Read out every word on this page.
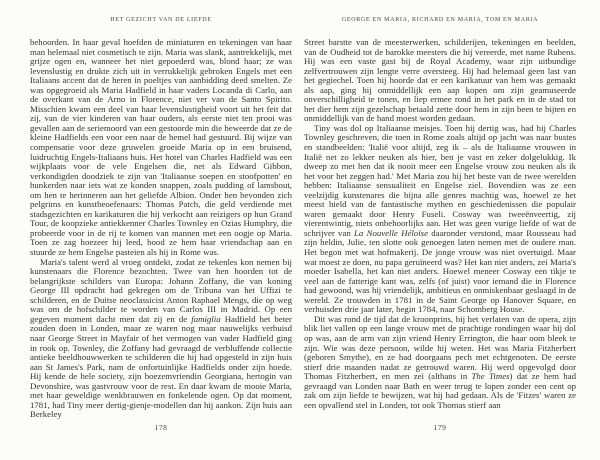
HET GEZICHT VAN DE LIEFDE

behoorden. In haar geval hoefden de miniaturen en tekeningen van haar man helemaal niet cosmetisch te zijn. Maria was slank, aantrekkelijk, met grijze ogen en, wanneer het niet gepoederd was, blond haar; ze was levenslustig en drukte zich uit in verrukkelijk gebroken Engels met een Italiaans accent dat de heren in poeltjes van aanbidding deed smelten. Ze was opgegroeid als Maria Hadfield in haar vaders Locanda di Carlo, aan de overkant van de Arno in Florence, niet ver van de Santo Spirito. Misschien kwam een deel van haar levenslustigheid voort uit het feit dat zij, van de vier kinderen van haar ouders, als eerste niet ten prooi was gevallen aan de seriemoord van een gestoorde min die beweerde dat ze de kleine Hadfields een voor een naar de hemel had gestuurd. Bij wijze van compensatie voor deze gruwelen groeide Maria op in een bruisend, luidruchtig Engels-Italiaans huis. Het hotel van Charles Hadfield was een wijkplaats voor de vele Engelsen die, net als Edward Gibbon, verkondigden doodziek te zijn van 'Italiaanse soepen en stoofpotten' en hunkerden naar iets wat ze konden snappen, zoals pudding of lamsbout, om hen te herinneren aan het geliefde Albion. Onder hen bevonden zich pelgrims en kunstbeoefenaars: Thomas Patch, die geld verdiende met stadsgezichten en karikaturen die hij verkocht aan reizigers op hun Grand Tour, de koopzieke antiekkenner Charles Townley en Ozias Humphry, die probeerde voor in de rij te komen van mannen met een oogje op Maria. Toen ze zag hoezeer hij leed, bood ze hem haar vriendschap aan en stuurde ze hem Engelse pasteien als hij in Rome was.

Maria's talent werd al vroeg ontdekt, zodat ze tekenles kon nemen bij kunstenaars die Florence bezochten. Twee van hen hoorden tot de belangrijkste schilders van Europa: Johann Zoffany, die van koning George III opdracht had gekregen om de Tribuna van het Uffizi te schilderen, en de Duitse neoclassicist Anton Raphael Mengs, die op weg was om de hofschilder te worden van Carlos III in Madrid. Op een gegeven moment dacht men dat zij en de famiglia Hadfield het beter zouden doen in Londen, maar ze waren nog maar nauwelijks verhuisd naar George Street in Mayfair of het vermogen van vader Hadfield ging in rook op. Townley, die Zoffany had gevraagd de verbluffende collectie antieke beeldhouwwerken te schilderen die hij had opgesteld in zijn huis aan St James's Park, nam de onfortuinlijke Hadfields onder zijn hoede. Hij kende de hele society, zijn boezemvriendin Georgiana, hertogin van Devonshire, was gastvrouw voor de rest. En daar kwam de mooie Maria, met haar geweldige wenkbrauwen en fonkelende ogen. Op dat moment, 1781, had Tiny meer dertig-gienje-modellen dan hij aankon. Zijn huis aan Berkeley

178
GEORGE EN MARIA, RICHARD EN MARIA, TOM EN MARIA

Street barstte van de meesterwerken, schilderijen, tekeningen en beelden, van de Oudheid tot de barokke meesters die hij vereerde, met name Rubens. Hij was een vaste gast bij de Royal Academy, waar zijn uitbundige zelfvertrouwen zijn lengte verre oversteeg. Hij had helemaal geen last van het gegiechel. Toen hij hoorde dat er een karikatuur van hem was gemaakt als aap, ging hij onmiddellijk een aap kopen om zijn geamuseerde onverschilligheid te tonen, en liep ermee rond in het park en in de stad tot het dier hem zijn gezelschap betaald zette door hem in zijn been te bijten en onmiddellijk van de hand moest worden gedaan.

Tiny was dol op Italiaanse meisjes. Toen hij dertig was, had hij Charles Townley geschreven, die toen in Rome zoals altijd op jacht was naar bustes en standbeelden: 'Italië voor altijd, zeg ik – als de Italiaanse vrouwen in Italië net zo lekker neuken als hier, ben je vast en zeker dolgelukkig. Ik dweep zo met hen dat ik nooit meer een Engelse vrouw zou neuken als ik het voor het zeggen had.' Met Maria zou hij het beste van de twee werelden hebben: Italiaanse sensualiteit en Engelse ziel. Bovendien was ze een veelzijdig kunstenares die bijna alle genres machtig was, hoewel ze het meest hield van de fantastische mythen en geschiedenissen die populair waren gemaakt door Henry Fuseli. Cosway was tweeënveertig, zij vierentwintig, niets onbehoorlijks aan. Het was geen vurige liefde of wat de schrijver van La Nouvelle Héloïse daaronder verstond, maar Rousseau had zijn heldin, Julie, ten slotte ook genoegen laten nemen met de oudere man. Het begon met wat hofmakerij. De jonge vrouw was niet overtuigd. Maar wat moest ze doen, nu papa geruïneerd was? Het kan niet anders, zei Maria's moeder Isabella, het kan niet anders. Hoewel meneer Cosway een tikje te veel aan de fatterige kant was, zelfs (of juist) voor iemand die in Florence had gewoond, was hij vriendelijk, ambitieus en onmiskenbaar geslaagd in de wereld. Ze trouwden in 1781 in de Saint George op Hanover Square, en verhuisden drie jaar later, begin 1784, naar Schomberg House.

Dit was rond de tijd dat de kroonprins, bij het verlaten van de opera, zijn blik liet vallen op een lange vrouw met de prachtige rondingen waar hij dol op was, aan de arm van zijn vriend Henry Errington, die haar oom bleek te zijn. Wie was deze persoon, wilde hij weten. Het was Maria Fitzherbert (geboren Smythe), en ze had doorgaans pech met echtgenoten. De eerste stierf drie maanden nadat ze getrouwd waren. Hij werd opgevolgd door Thomas Fitzherbert, en men zei (althans in The Times) dat ze hem had gevraagd van Londen naar Bath en weer terug te lopen zonder een cent op zak om zijn liefde te bewijzen, wat hij had gedaan. Als de 'Fitzes' waren ze een opvallend stel in Londen, tot ook Thomas stierf aan

179
